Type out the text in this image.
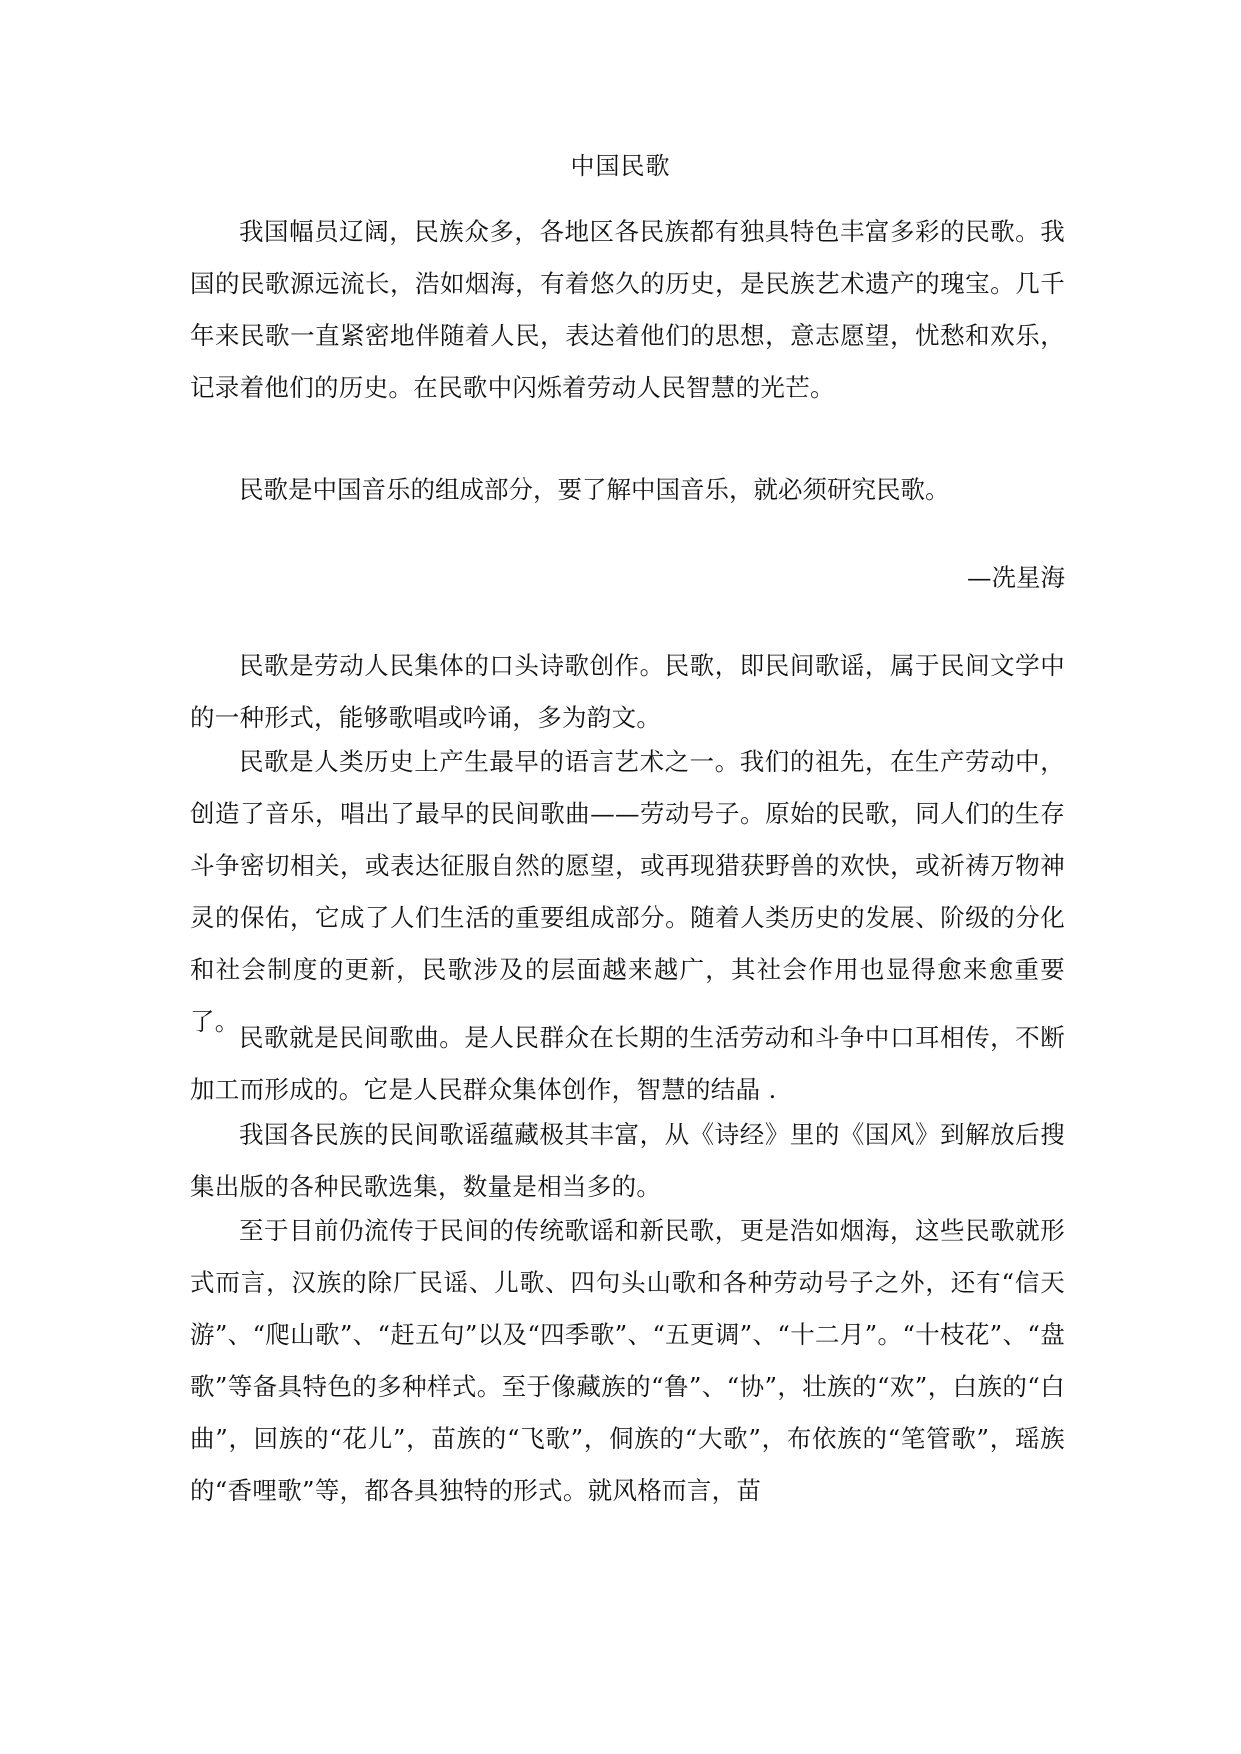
中国民歌

我国幅员辽阔，民族众多，各地区各民族都有独具特色丰富多彩的民歌。我国的民歌源远流长，浩如烟海，有着悠久的历史，是民族艺术遗产的瑰宝。几千年来民歌一直紧密地伴随着人民，表达着他们的思想，意志愿望，忧愁和欢乐，记录着他们的历史。在民歌中闪烁着劳动人民智慧的光芒。

民歌是中国音乐的组成部分，要了解中国音乐，就必须研究民歌。

—冼星海

民歌是劳动人民集体的口头诗歌创作。民歌，即民间歌谣，属于民间文学中的一种形式，能够歌唱或吟诵，多为韵文。

民歌是人类历史上产生最早的语言艺术之一。我们的祖先，在生产劳动中，创造了音乐，唱出了最早的民间歌曲——劳动号子。原始的民歌，同人们的生存斗争密切相关，或表达征服自然的愿望，或再现猎获野兽的欢快，或祈祷万物神灵的保佑，它成了人们生活的重要组成部分。随着人类历史的发展、阶级的分化和社会制度的更新，民歌涉及的层面越来越广，其社会作用也显得愈来愈重要了。

民歌就是民间歌曲。是人民群众在长期的生活劳动和斗争中口耳相传，不断加工而形成的。它是人民群众集体创作，智慧的结晶 .

我国各民族的民间歌谣蕴藏极其丰富，从《诗经》里的《国风》到解放后搜集出版的各种民歌选集，数量是相当多的。

至于目前仍流传于民间的传统歌谣和新民歌，更是浩如烟海，这些民歌就形式而言，汉族的除厂民谣、儿歌、四句头山歌和各种劳动号子之外，还有“信天游”、“爬山歌”、“赶五句”以及“四季歌”、“五更调”、“十二月”。“十枝花”、“盘歌”等备具特色的多种样式。至于像藏族的“鲁”、“协”，壮族的“欢”，白族的“白曲”，回族的“花儿”，苗族的“飞歌”，侗族的“大歌”，布依族的“笔管歌”，瑶族的“香哩歌”等，都各具独特的形式。就风格而言，苗
